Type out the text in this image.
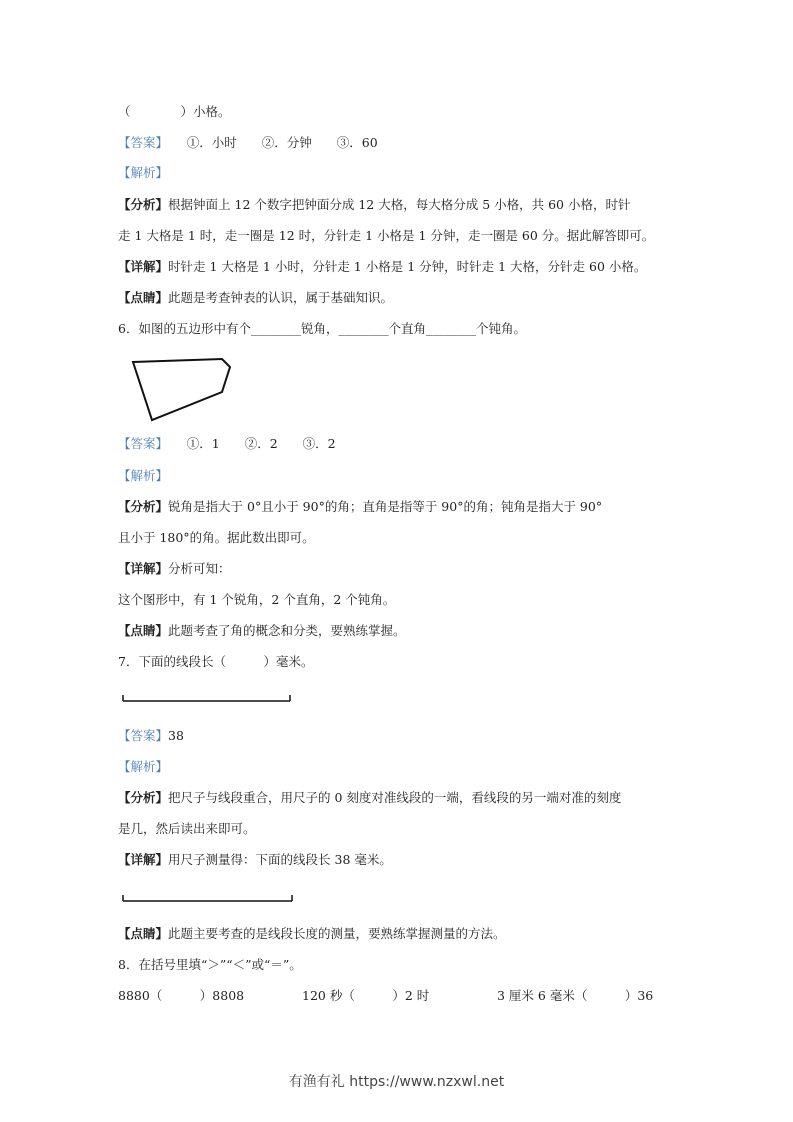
（　　　　）小格。
【答案】　　 ①．小时　　②．分钟　　③．60
【解析】
【分析】根据钟面上 12 个数字把钟面分成 12 大格，每大格分成 5 小格，共 60 小格，时针
走 1 大格是 1 时，走一圈是 12 时，分针走 1 小格是 1 分钟，走一圈是 60 分。据此解答即可。
【详解】时针走 1 大格是 1 小时，分针走 1 小格是 1 分钟，时针走 1 大格，分针走 60 小格。
【点睛】此题是考查钟表的认识，属于基础知识。
6．如图的五边形中有个________锐角，________个直角________个钝角。
【答案】　　 ①．1　　②．2　　③．2
【解析】
【分析】锐角是指大于 0°且小于 90°的角；直角是指等于 90°的角；钝角是指大于 90°
且小于 180°的角。据此数出即可。
【详解】分析可知：
这个图形中，有 1 个锐角，2 个直角，2 个钝角。
【点睛】此题考查了角的概念和分类，要熟练掌握。
7．下面的线段长（　　　）毫米。
【答案】38
【解析】
【分析】把尺子与线段重合，用尺子的 0 刻度对准线段的一端，看线段的另一端对准的刻度
是几，然后读出来即可。
【详解】用尺子测量得：下面的线段长 38 毫米。
【点睛】此题主要考查的是线段长度的测量，要熟练掌握测量的方法。
8．在括号里填“＞”“＜”或“＝”。
8880（　　　）8808	120 秒（　　　）2 时	3 厘米 6 毫米（　　　）36
有渔有礼 https://www.nzxwl.net
